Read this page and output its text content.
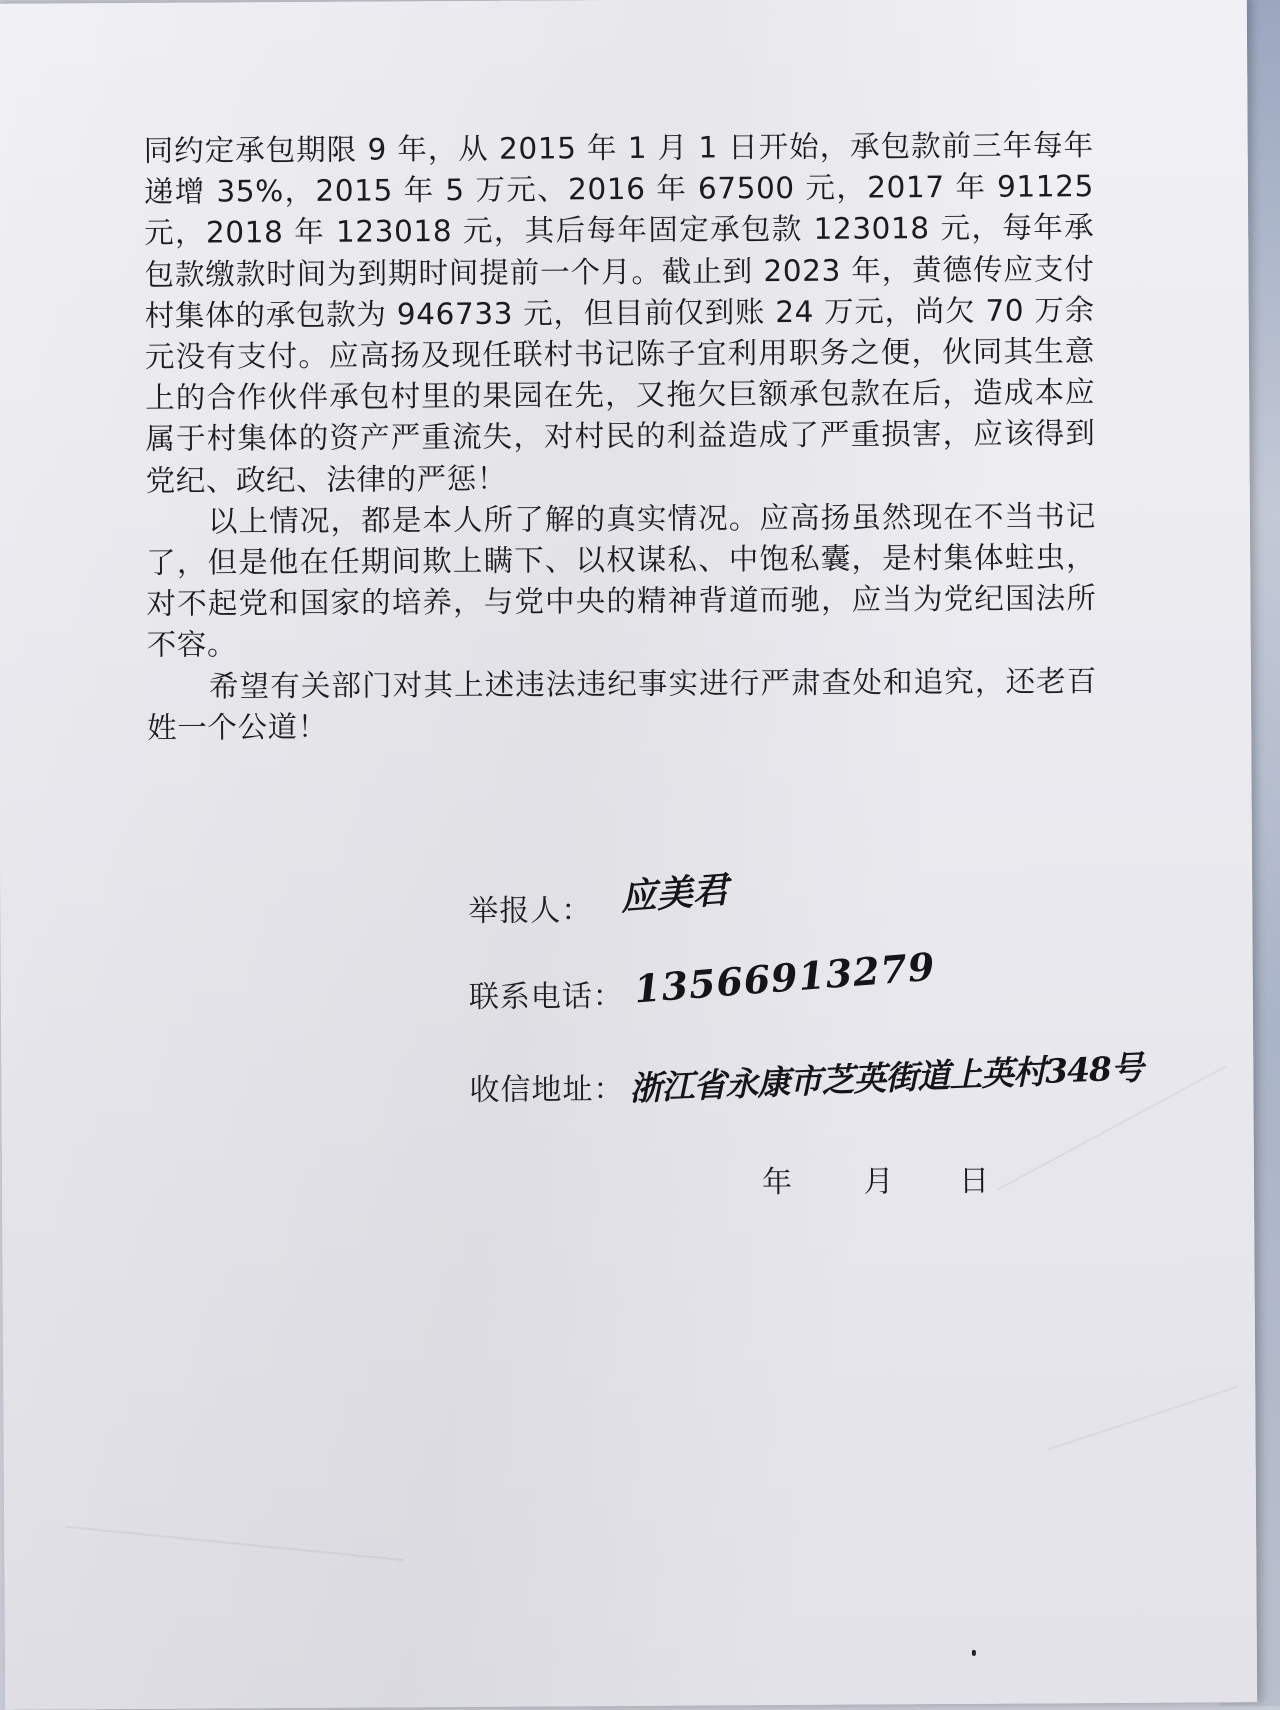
同约定承包期限 9 年，从 2015 年 1 月 1 日开始，承包款前三年每年递增 35%，2015 年 5 万元、2016 年 67500 元，2017 年 91125 元，2018 年 123018 元，其后每年固定承包款 123018 元，每年承包款缴款时间为到期时间提前一个月。截止到 2023 年，黄德传应支付村集体的承包款为 946733 元，但目前仅到账 24 万元，尚欠 70 万余元没有支付。应高扬及现任联村书记陈子宜利用职务之便，伙同其生意上的合作伙伴承包村里的果园在先，又拖欠巨额承包款在后，造成本应属于村集体的资产严重流失，对村民的利益造成了严重损害，应该得到党纪、政纪、法律的严惩！

以上情况，都是本人所了解的真实情况。应高扬虽然现在不当书记了，但是他在任期间欺上瞒下、以权谋私、中饱私囊，是村集体蛀虫，对不起党和国家的培养，与党中央的精神背道而驰，应当为党纪国法所不容。

希望有关部门对其上述违法违纪事实进行严肃查处和追究，还老百姓一个公道！

举报人： 应美君
联系电话： 13566913279
收信地址： 浙江省永康市芝英街道上英村348号
年 月 日
